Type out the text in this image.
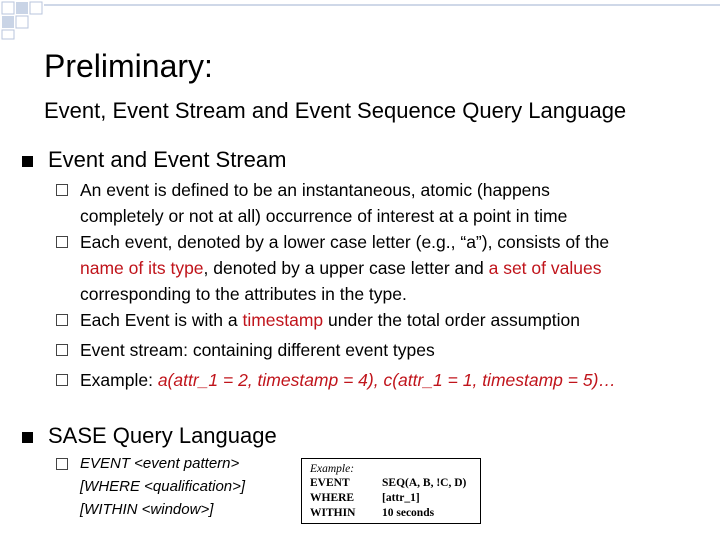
Preliminary:
Event, Event Stream and Event Sequence Query Language
Event and Event Stream
An event is defined to be an instantaneous, atomic (happens
completely or not at all) occurrence of interest at a point in time
Each event, denoted by a lower case letter (e.g., “a”), consists of the
name of its type, denoted by a upper case letter and a set of values
corresponding to the attributes in the type.
Each Event is with a timestamp under the total order assumption
Event stream: containing different event types
Example: a(attr_1 = 2, timestamp = 4), c(attr_1 = 1, timestamp = 5)…
SASE Query Language
EVENT <event pattern>
[WHERE <qualification>]
[WITHIN <window>]
Example:
EVENT	SEQ(A, B, !C, D)
WHERE [attr_1]
WITHIN 10 seconds
